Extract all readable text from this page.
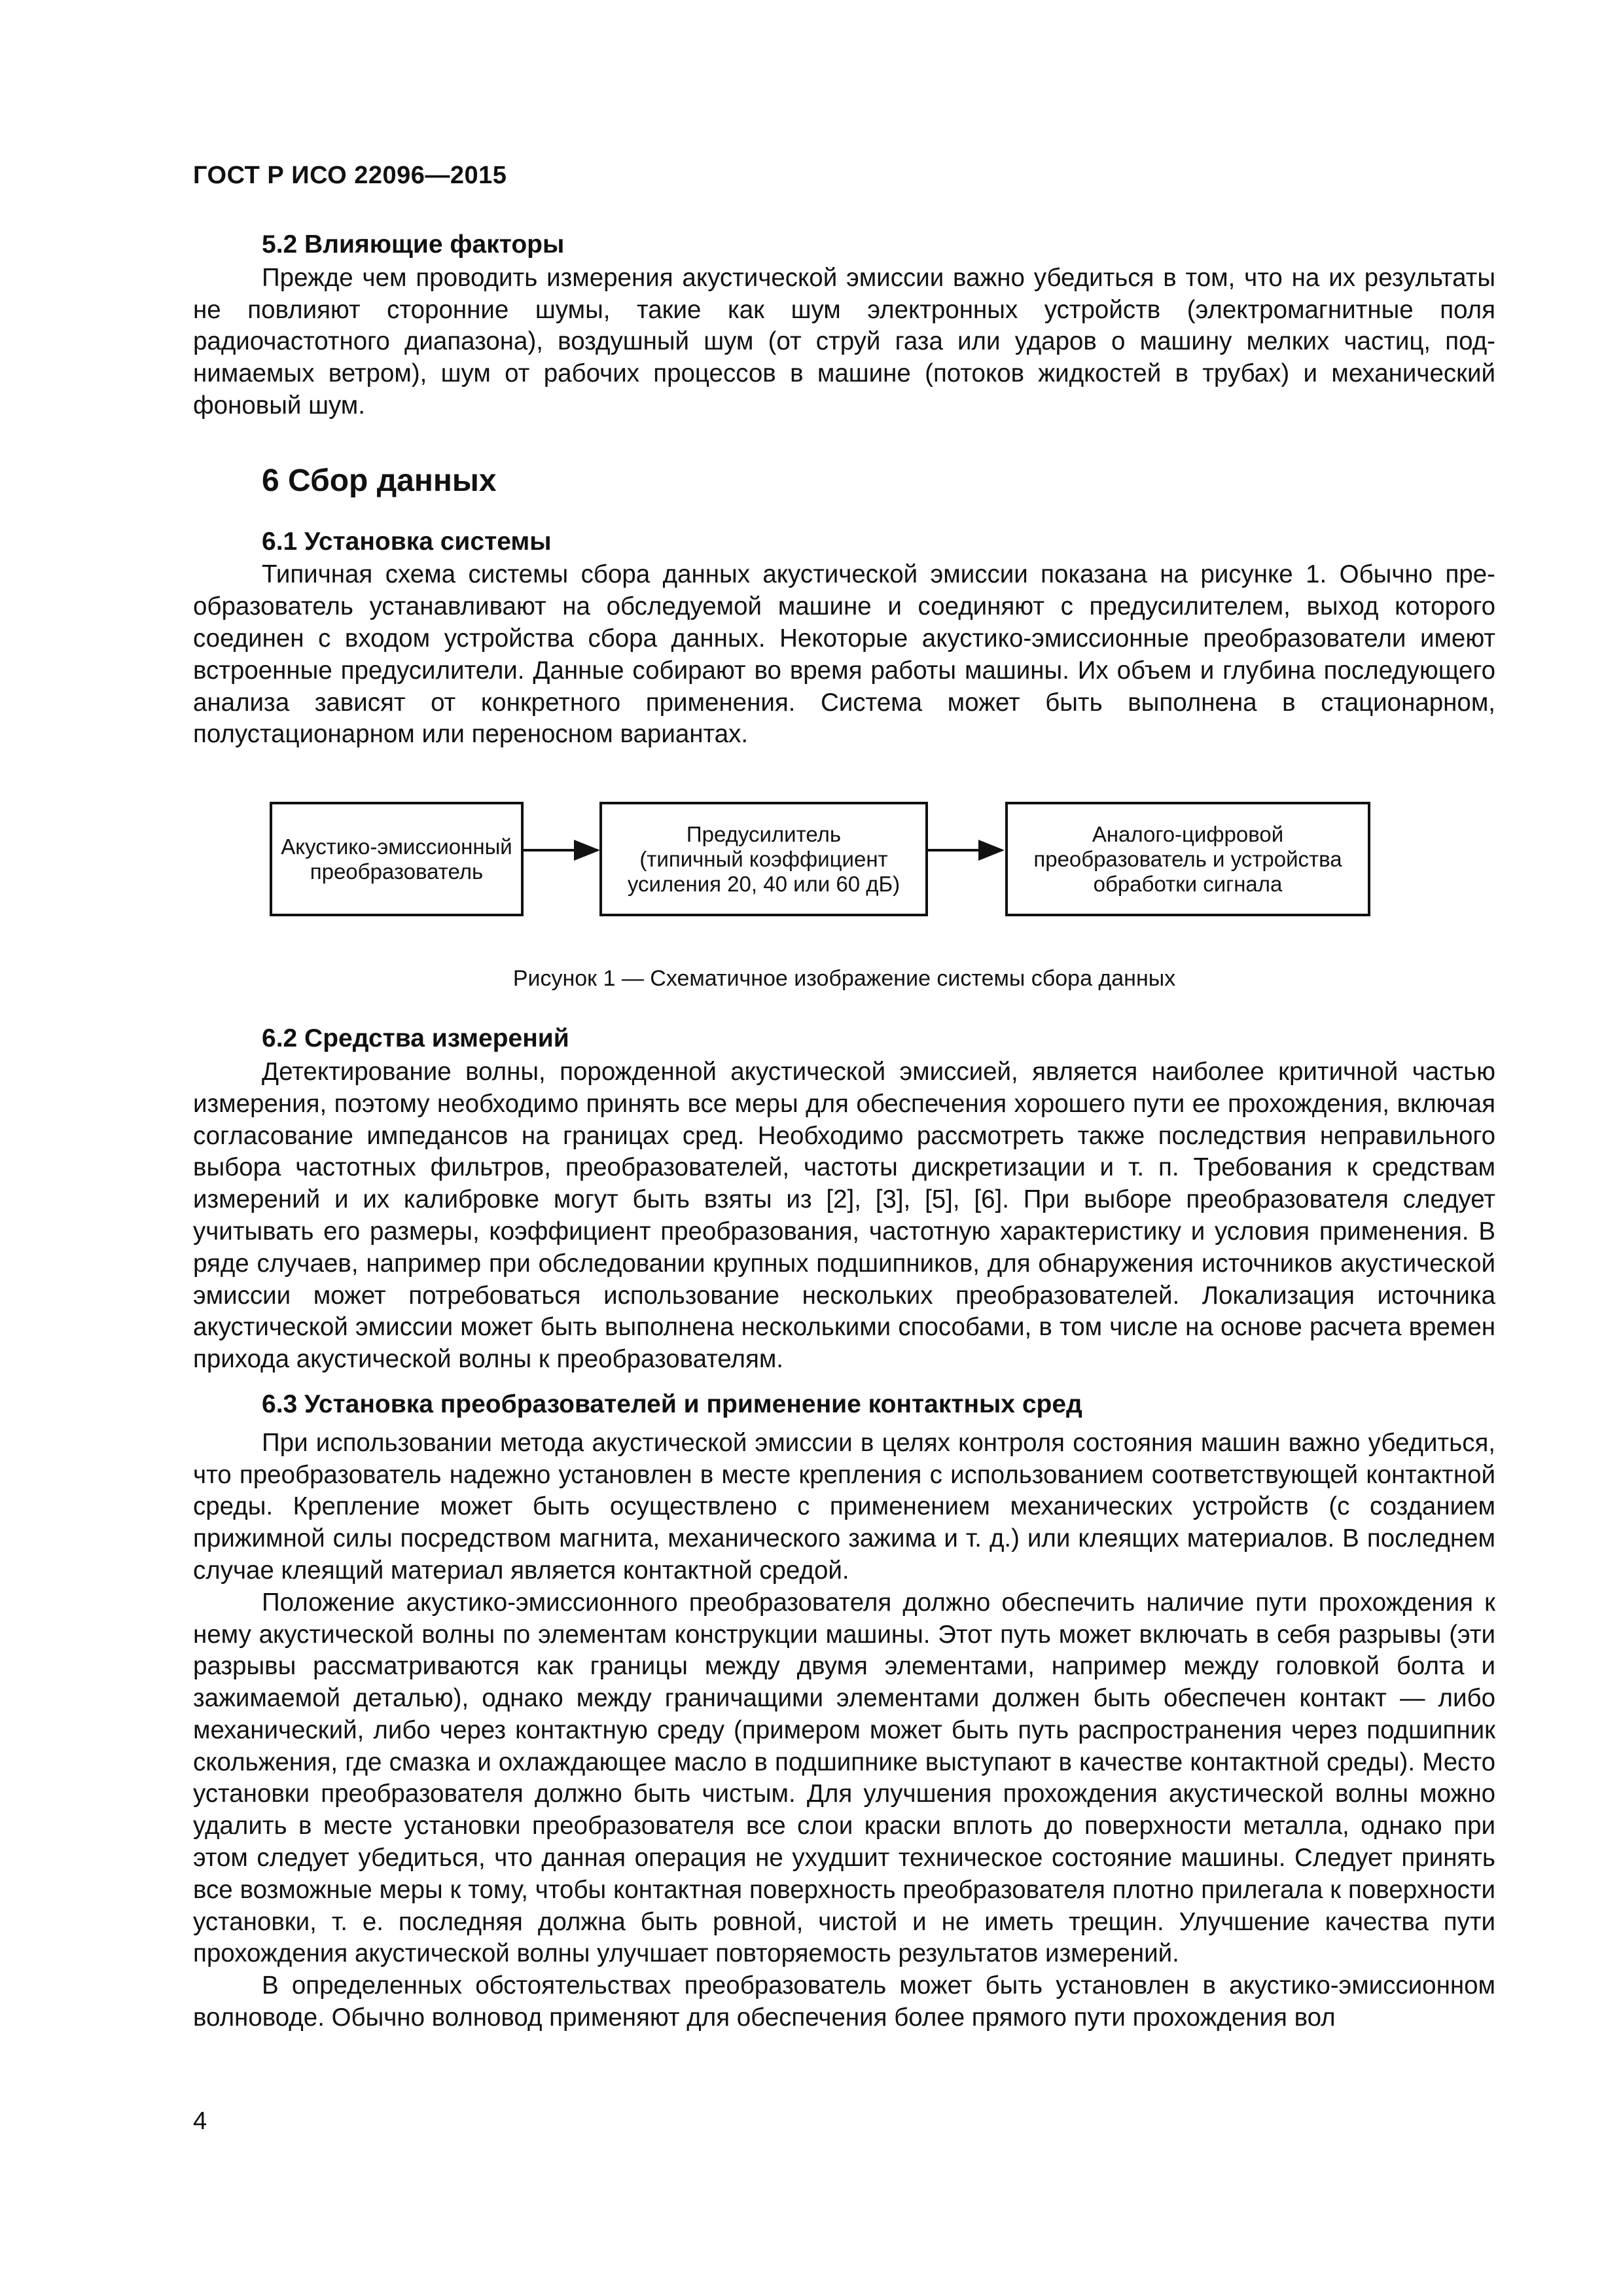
ГОСТ Р ИСО 22096—2015
5.2 Влияющие факторы

Прежде чем проводить измерения акустической эмиссии важно убедиться в том, что на их результаты не повлияют сторонние шумы, такие как шум электронных устройств (электромагнитные поля радиочастотного диапазона), воздушный шум (от струй газа или ударов о машину мелких частиц, поднимаемых ветром), шум от рабочих процессов в машине (потоков жидкостей в трубах) и механический фоновый шум.

6 Сбор данных
6.1 Установка системы

Типичная схема системы сбора данных акустической эмиссии показана на рисунке 1. Обычно преобразователь устанавливают на обследуемой машине и соединяют с предусилителем, выход которого соединен с входом устройства сбора данных. Некоторые акустико-эмиссионные преобразователи имеют встроенные предусилители. Данные собирают во время работы машины. Их объем и глубина последующего анализа зависят от конкретного применения. Система может быть выполнена в стационарном, полустационарном или переносном вариантах.

Акустико-эмиссионный
преобразователь
Предусилитель
(типичный коэффициент
усиления 20, 40 или 60 дБ)
Аналого-цифровой
преобразователь и устройства
обработки сигнала
Рисунок 1 — Схематичное изображение системы сбора данных
6.2 Средства измерений

Детектирование волны, порожденной акустической эмиссией, является наиболее критичной частью измерения, поэтому необходимо принять все меры для обеспечения хорошего пути ее прохождения, включая согласование импедансов на границах сред. Необходимо рассмотреть также последствия неправильного выбора частотных фильтров, преобразователей, частоты дискретизации и т. п. Требования к средствам измерений и их калибровке могут быть взяты из [2], [3], [5], [6]. При выборе преобразователя следует учитывать его размеры, коэффициент преобразования, частотную характеристику и условия применения. В ряде случаев, например при обследовании крупных подшипников, для обнаружения источников акустической эмиссии может потребоваться использование нескольких преобразователей. Локализация источника акустической эмиссии может быть выполнена несколькими способами, в том числе на основе расчета времен прихода акустической волны к преобразователям.

6.3 Установка преобразователей и применение контактных сред

При использовании метода акустической эмиссии в целях контроля состояния машин важно убедиться, что преобразователь надежно установлен в месте крепления с использованием соответствующей контактной среды. Крепление может быть осуществлено с применением механических устройств (с созданием прижимной силы посредством магнита, механического зажима и т. д.) или клеящих материалов. В последнем случае клеящий материал является контактной средой.

Положение акустико-эмиссионного преобразователя должно обеспечить наличие пути прохождения к нему акустической волны по элементам конструкции машины. Этот путь может включать в себя разрывы (эти разрывы рассматриваются как границы между двумя элементами, например между головкой болта и зажимаемой деталью), однако между граничащими элементами должен быть обеспечен контакт — либо механический, либо через контактную среду (примером может быть путь распространения через подшипник скольжения, где смазка и охлаждающее масло в подшипнике выступают в качестве контактной среды). Место установки преобразователя должно быть чистым. Для улучшения прохождения акустической волны можно удалить в месте установки преобразователя все слои краски вплоть до поверхности металла, однако при этом следует убедиться, что данная операция не ухудшит техническое состояние машины. Следует принять все возможные меры к тому, чтобы контактная поверхность преобразователя плотно прилегала к поверхности установки, т. е. последняя должна быть ровной, чистой и не иметь трещин. Улучшение качества пути прохождения акустической волны улучшает повторяемость результатов измерений.

В определенных обстоятельствах преобразователь может быть установлен в акустико-эмиссионном волноводе. Обычно волновод применяют для обеспечения более прямого пути прохождения вол

4
